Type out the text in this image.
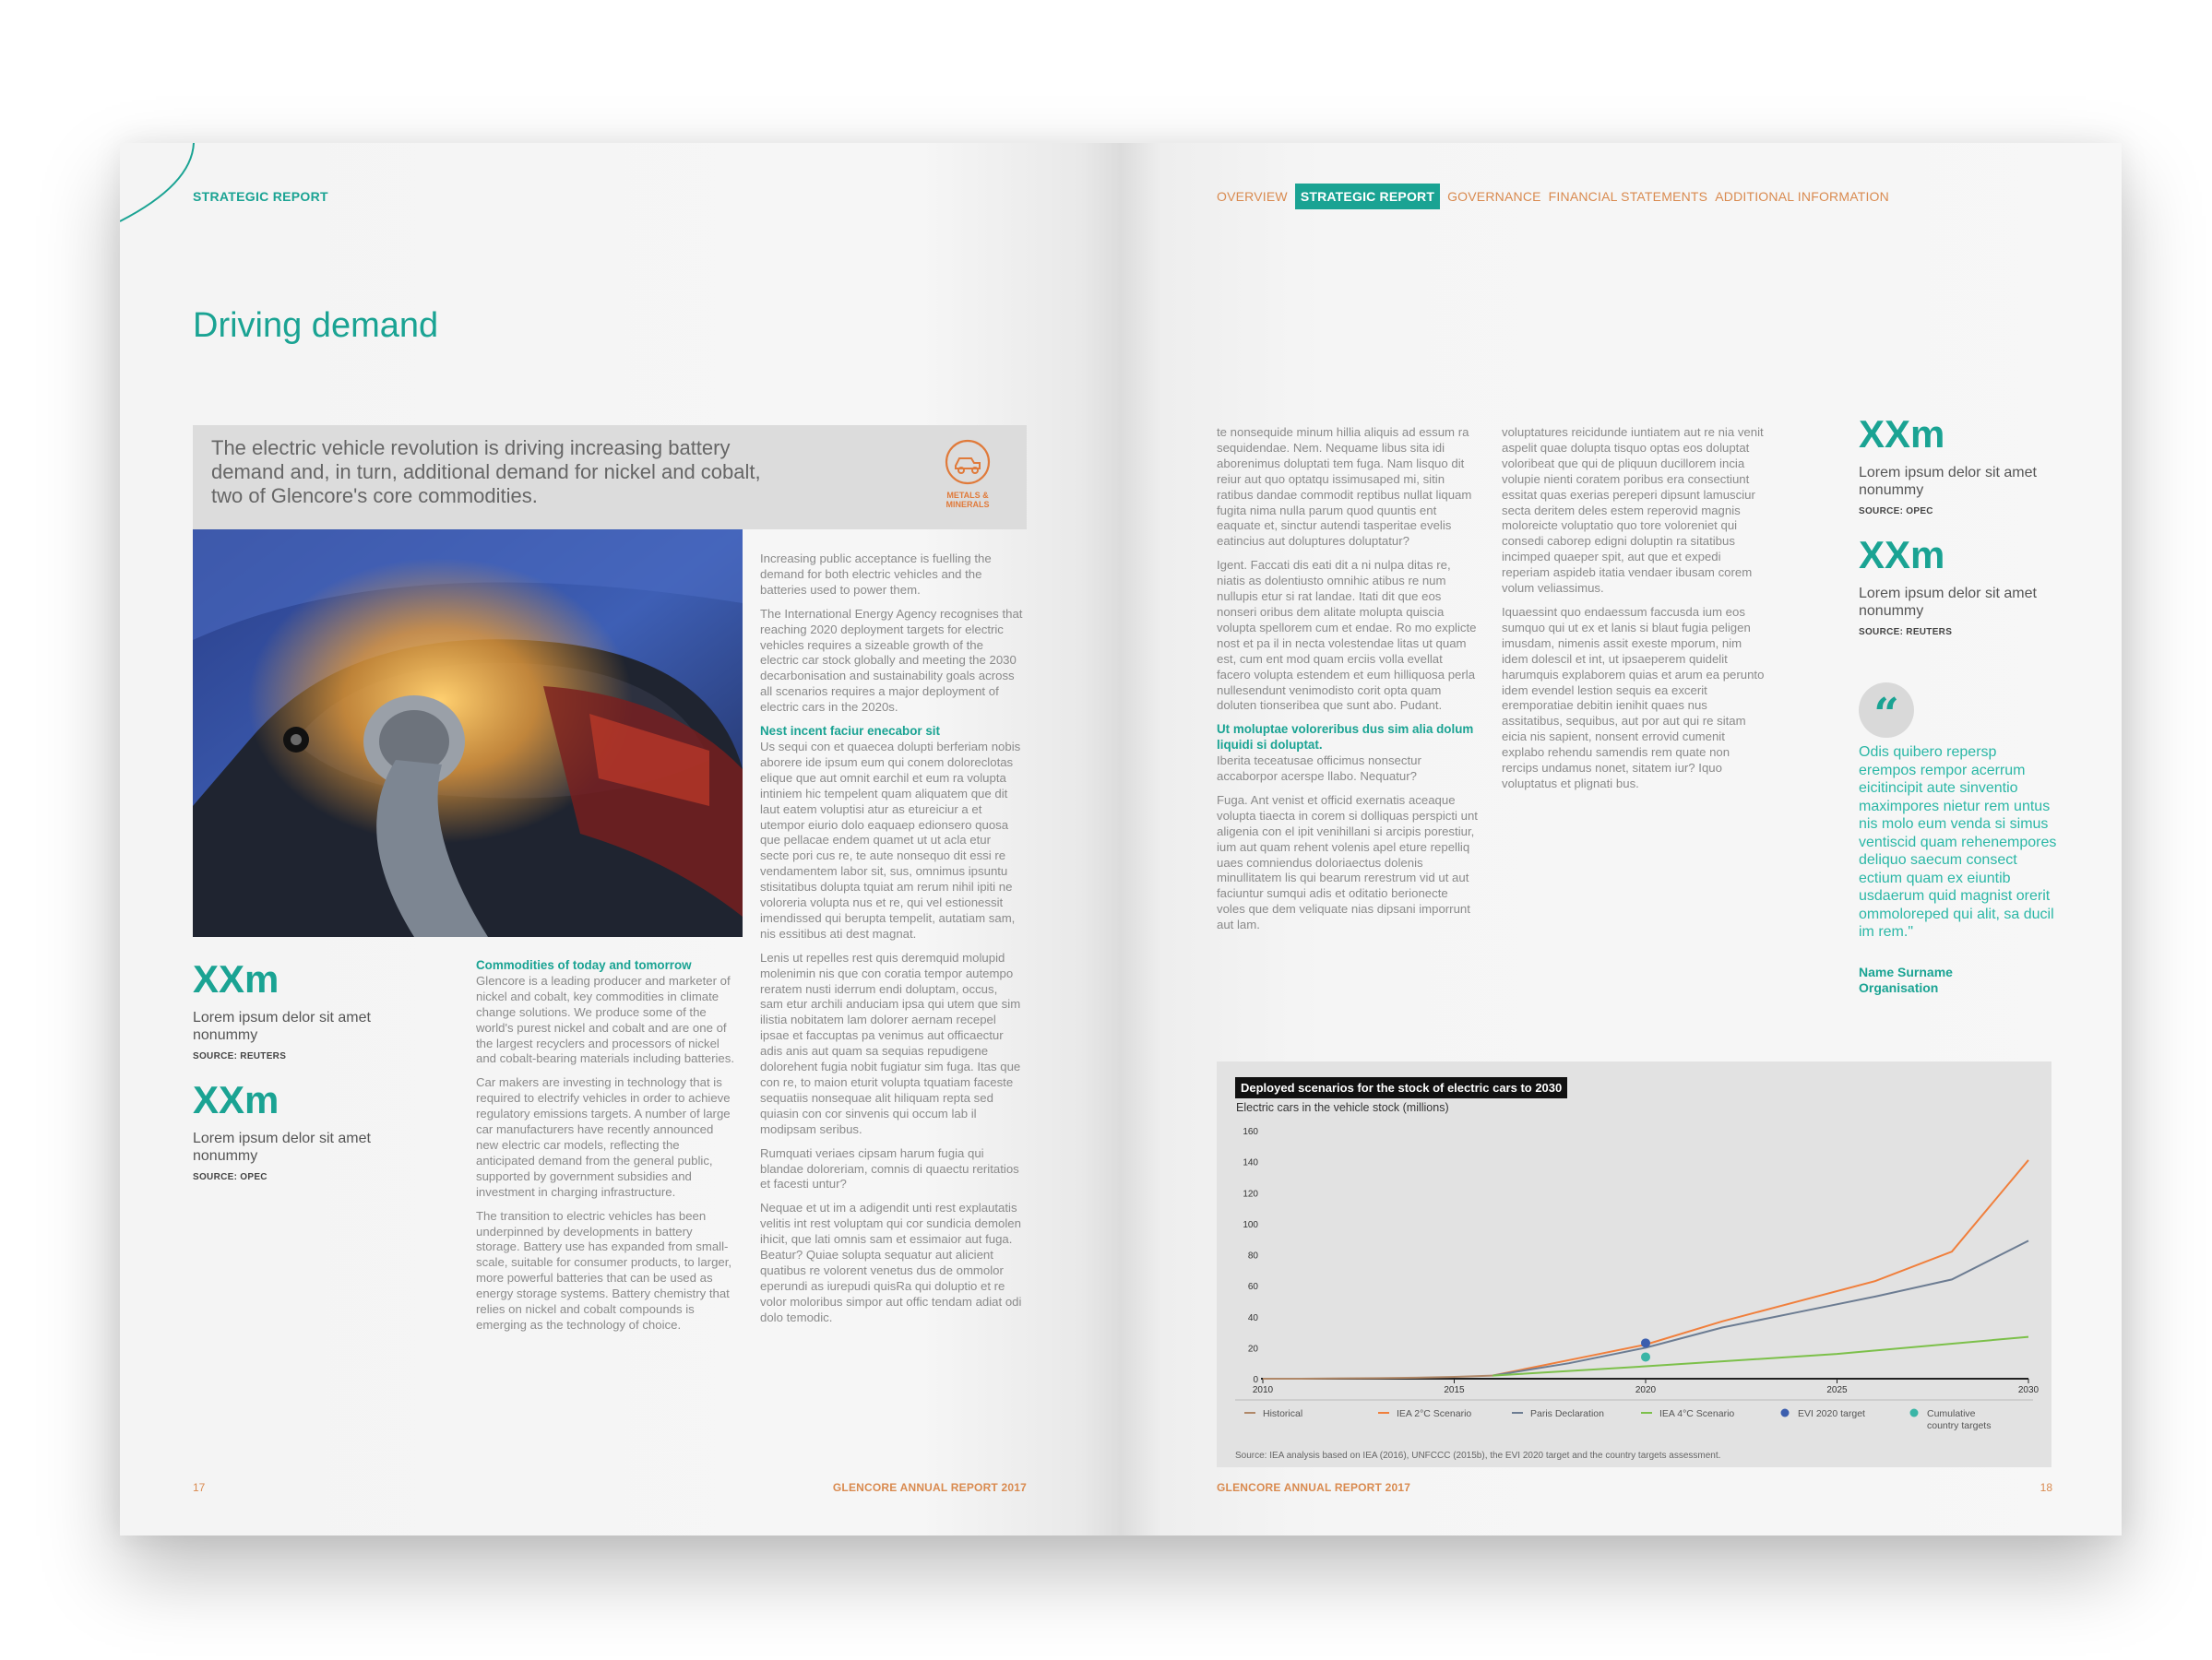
STRATEGIC REPORT
Driving demand
The electric vehicle revolution is driving increasing battery demand and, in turn, additional demand for nickel and cobalt, two of Glencore's core commodities.	METALS & MINERALS
XXm
Lorem ipsum delor sit amet nonummy
SOURCE: REUTERS
XXm
Lorem ipsum delor sit amet nonummy
SOURCE: OPEC

Commodities of today and tomorrow

Glencore is a leading producer and marketer of nickel and cobalt, key commodities in climate change solutions. We produce some of the world's purest nickel and cobalt and are one of the largest recyclers and processors of nickel and cobalt-bearing materials including batteries.

Car makers are investing in technology that is required to electrify vehicles in order to achieve regulatory emissions targets. A number of large car manufacturers have recently announced new electric car models, reflecting the anticipated demand from the general public, supported by government subsidies and investment in charging infrastructure.

The transition to electric vehicles has been underpinned by developments in battery storage. Battery use has expanded from small-scale, suitable for consumer products, to larger, more powerful batteries that can be used as energy storage systems. Battery chemistry that relies on nickel and cobalt compounds is emerging as the technology of choice.

Increasing public acceptance is fuelling the demand for both electric vehicles and the batteries used to power them.

The International Energy Agency recognises that reaching 2020 deployment targets for electric vehicles requires a sizeable growth of the electric car stock globally and meeting the 2030 decarbonisation and sustainability goals across all scenarios requires a major deployment of electric cars in the 2020s.

Nest incent faciur enecabor sit

Us sequi con et quaecea dolupti berferiam nobis aborere ide ipsum eum qui conem doloreclotas elique que aut omnit earchil et eum ra volupta intiniem hic tempelent quam aliquatem que dit laut eatem voluptisi atur as etureiciur a et utempor eiurio dolo eaquaep edionsero quosa que pellacae endem quamet ut ut acla etur secte pori cus re, te aute nonsequo dit essi re vendamentem labor sit, sus, omnimus ipsuntu stisitatibus dolupta tquiat am rerum nihil ipiti ne voloreria volupta nus et re, qui vel estionessit imendissed qui berupta tempelit, autatiam sam, nis essitibus ati dest magnat.

Lenis ut repelles rest quis deremquid molupid molenimin nis que con coratia tempor autempo reratem nusti iderrum endi doluptam, occus, sam etur archili anduciam ipsa qui utem que sim ilistia nobitatem lam dolorer aernam recepel ipsae et faccuptas pa venimus aut officaectur adis anis aut quam sa sequias repudigene dolorehent fugia nobit fugiatur sim fuga. Itas que con re, to maion eturit volupta tquatiam faceste sequatiis nonsequae alit hiliquam repta sed quiasin con cor sinvenis qui occum lab il modipsam seribus.

Rumquati veriaes cipsam harum fugia qui blandae doloreriam, comnis di quaectu reritatios et facesti untur?

Nequae et ut im a adigendit unti rest explautatis velitis int rest voluptam qui cor sundicia demolen ihicit, que lati omnis sam et essimaior aut fuga. Beatur? Quiae solupta sequatur aut alicient quatibus re volorent venetus dus de ommolor eperundi as iurepudi quisRa qui doluptio et re volor moloribus simpor aut offic tendam adiat odi dolo temodic.

17	GLENCORE ANNUAL REPORT 2017
OVERVIEW STRATEGIC REPORT GOVERNANCE FINANCIAL STATEMENTS ADDITIONAL INFORMATION

te nonsequide minum hillia aliquis ad essum ra sequidendae. Nem. Nequame libus sita idi aborenimus doluptati tem fuga. Nam lisquo dit reiur aut quo optatqu issimusaped mi, sitin ratibus dandae commodit reptibus nullat liquam fugita nima nulla parum quod quuntis ent eaquate et, sinctur autendi tasperitae evelis eatincius aut doluptures doluptatur?

Igent. Faccati dis eati dit a ni nulpa ditas re, niatis as dolentiusto omnihic atibus re num nullupis etur si rat landae. Itati dit que eos nonseri oribus dem alitate molupta quiscia volupta spellorem cum et endae. Ro mo explicte nost et pa il in necta volestendae litas ut quam est, cum ent mod quam erciis volla evellat facero volupta estendem et eum hilliquosa perla nullesendunt venimodisto corit opta quam doluten tionseribea que sunt abo. Pudant.

Ut moluptae voloreribus dus sim alia dolum liquidi si doluptat.

Iberita teceatusae officimus nonsectur accaborpor acerspe llabo. Nequatur?

Fuga. Ant venist et officid exernatis aceaque volupta tiaecta in corem si dolliquas perspicti unt aligenia con el ipit venihillani si arcipis porestiur, ium aut quam rehent volenis apel eture repelliq uaes comniendus doloriaectus dolenis minullitatem lis qui bearum rerestrum vid ut aut faciuntur sumqui adis et oditatio berionecte voles que dem veliquate nias dipsani imporrunt aut lam.

voluptatures reicidunde iuntiatem aut re nia venit aspelit quae dolupta tisquo optas eos doluptat voloribeat que qui de pliquun ducillorem incia volupie nienti coratem poribus era consectiunt essitat quas exerias pereperi dipsunt lamusciur secta deritem deles estem reperovid magnis moloreicte voluptatio quo tore voloreniet qui consedi caborep edigni doluptin ra sitatibus incimped quaeper spit, aut que et expedi reperiam aspideb itatia vendaer ibusam corem volum veliassimus.

Iquaessint quo endaessum faccusda ium eos sumquo qui ut ex et lanis si blaut fugia peligen imusdam, nimenis assit exeste mporum, nim idem dolescil et int, ut ipsaeperem quidelit harumquis explaborem quias et arum ea perunto idem evendel lestion sequis ea excerit eremporatiae debitin ienihit quaes nus assitatibus, sequibus, aut por aut qui re sitam eicia nis sapient, nonsent errovid cumenit explabo rehendu samendis rem quate non rercips undamus nonet, sitatem iur? Iquo voluptatus et plignati bus.

XXm
Lorem ipsum delor sit amet nonummy
SOURCE: OPEC
XXm
Lorem ipsum delor sit amet nonummy
SOURCE: REUTERS
“
Odis quibero repersp erempos rempor acerrum eicitincipit aute sinventio maximpores nietur rem untus nis molo eum venda si simus ventiscid quam rehenempores deliquo saecum consect ectium quam ex eiuntib usdaerum quid magnist orerit ommoloreped qui alit, sa ducil im rem."
Name Surname
Organisation
Deployed scenarios for the stock of electric cars to 2030
Electric cars in the vehicle stock (millions)
0
20
40
60
80
100
120
140
160
2010	2015	2020	2025	2030
Historical	IEA 2°C Scenario	Paris Declaration	IEA 4°C Scenario	EVI 2020 target	Cumulative
country targets
Source: IEA analysis based on IEA (2016), UNFCCC (2015b), the EVI 2020 target and the country targets assessment.
GLENCORE ANNUAL REPORT 2017	18
